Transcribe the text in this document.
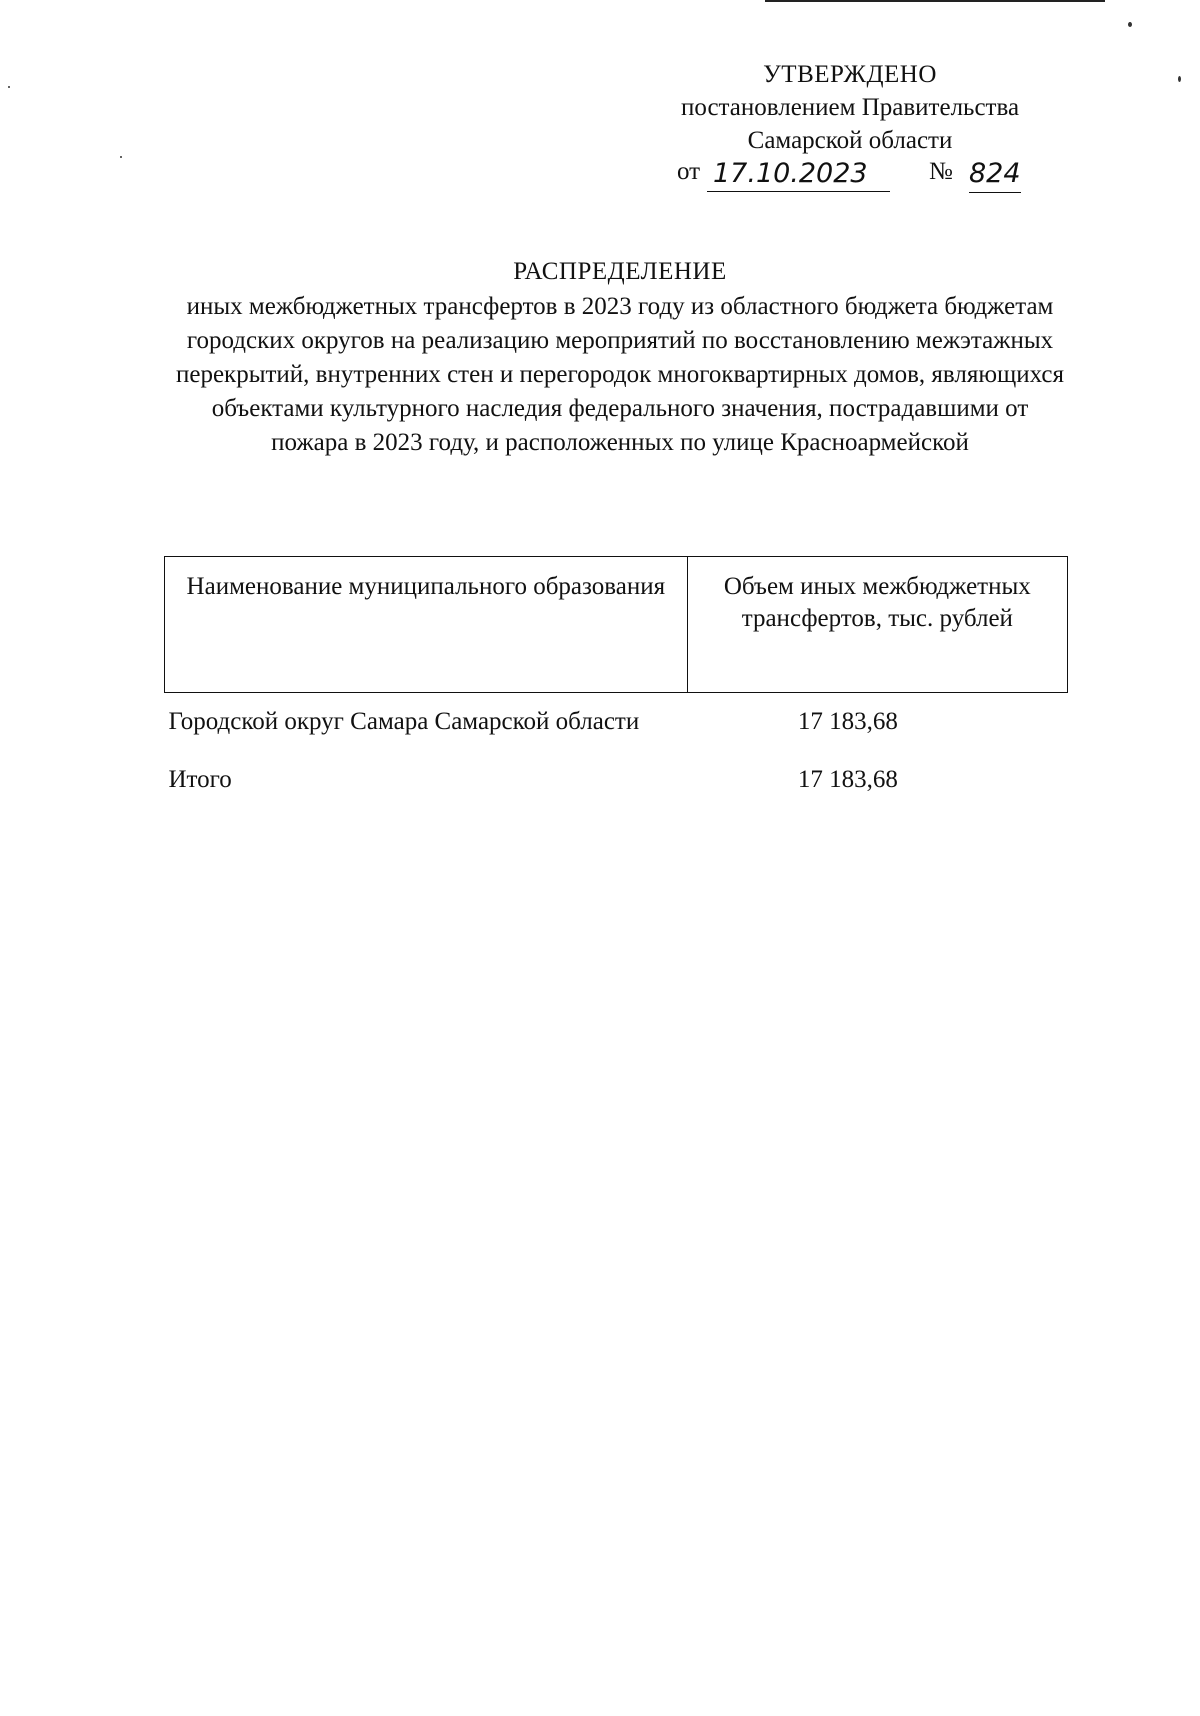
УТВЕРЖДЕНО
постановлением Правительства
Самарской области
от 17.10.2023	№ 824
РАСПРЕДЕЛЕНИЕ
иных межбюджетных трансфертов в 2023 году из областного бюджета бюджетам городских округов на реализацию мероприятий по восстановлению межэтажных перекрытий, внутренних стен и перегородок многоквартирных домов, являющихся объектами культурного наследия федерального значения, пострадавшими от пожара в 2023 году, и расположенных по улице Красноармейской
Наименование муниципального образования	Объем иных межбюджетных трансфертов, тыс. рублей
Городской округ Самара Самарской области	17 183,68
Итого	17 183,68
